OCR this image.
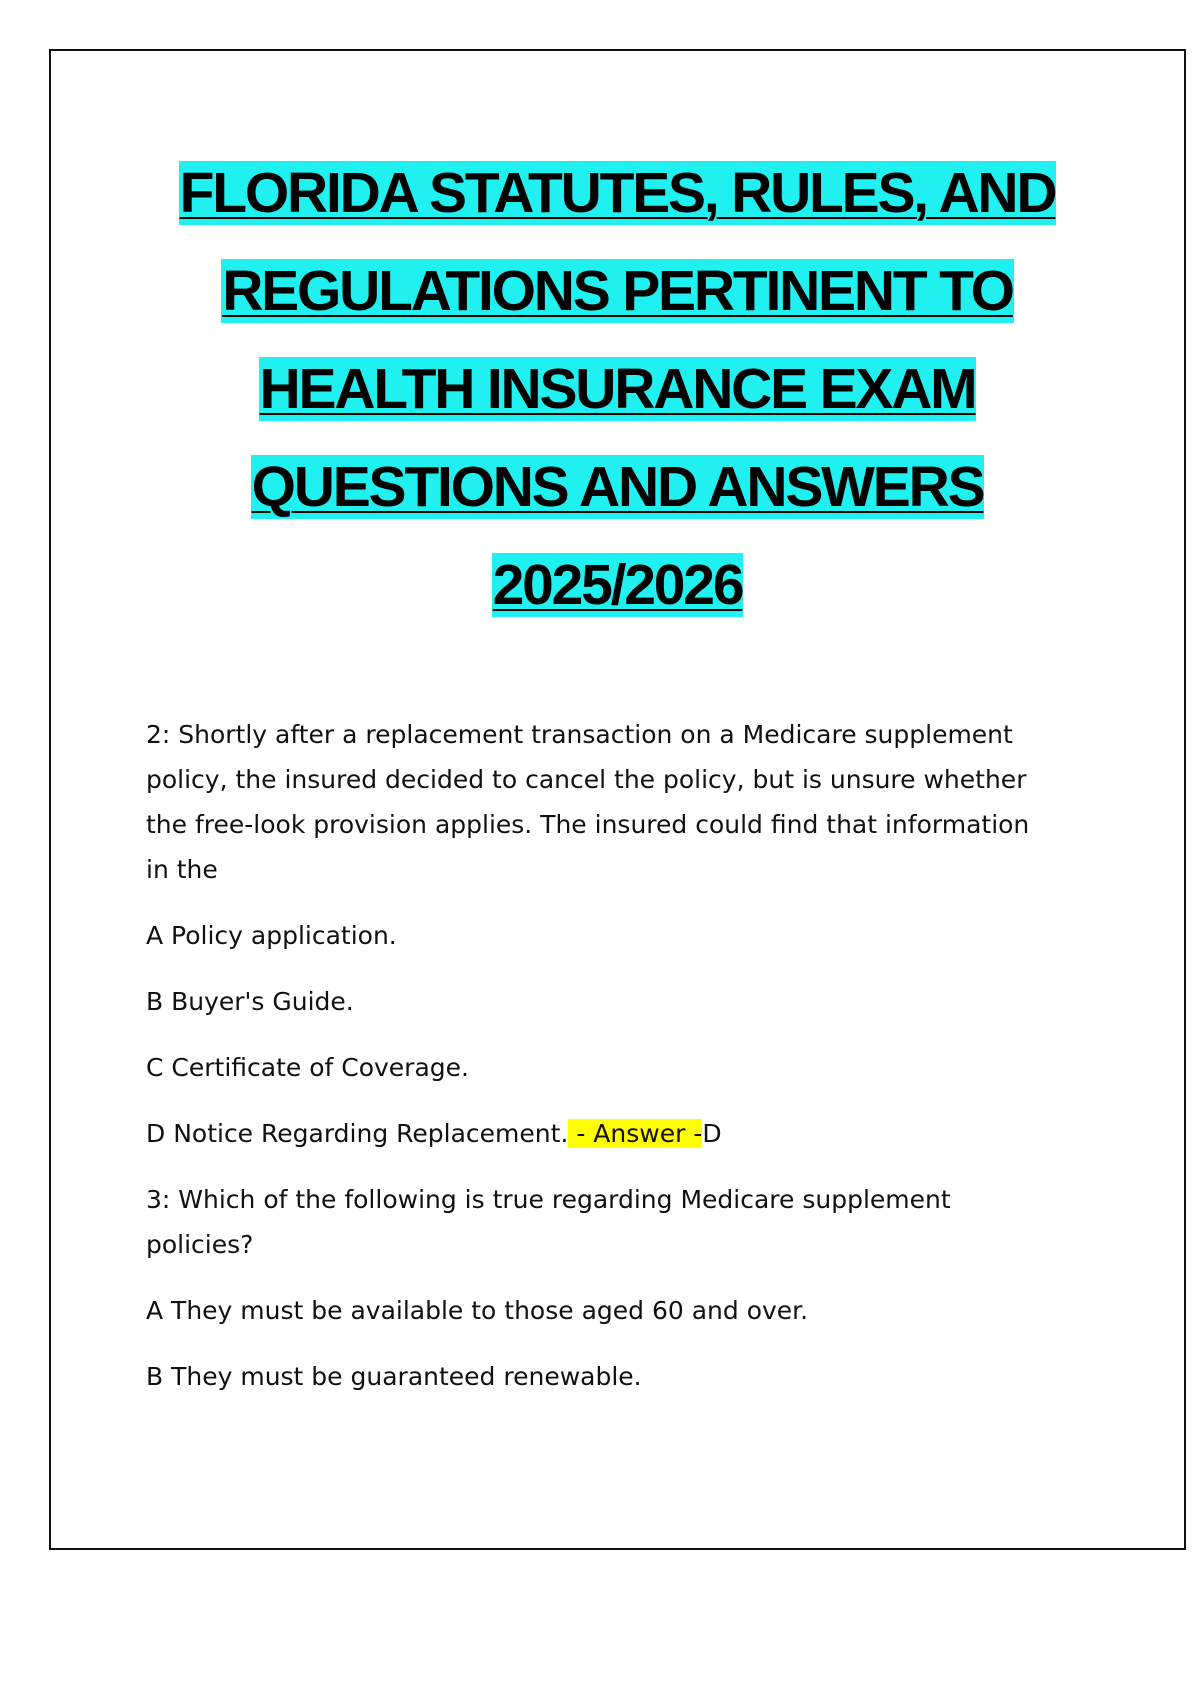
FLORIDA STATUTES, RULES, AND
REGULATIONS PERTINENT TO
HEALTH INSURANCE EXAM
QUESTIONS AND ANSWERS
2025/2026
2: Shortly after a replacement transaction on a Medicare supplement
policy, the insured decided to cancel the policy, but is unsure whether
the free-look provision applies. The insured could find that information
in the
A Policy application.
B Buyer's Guide.
C Certificate of Coverage.
D Notice Regarding Replacement. - Answer -D
3: Which of the following is true regarding Medicare supplement
policies?
A They must be available to those aged 60 and over.
B They must be guaranteed renewable.
